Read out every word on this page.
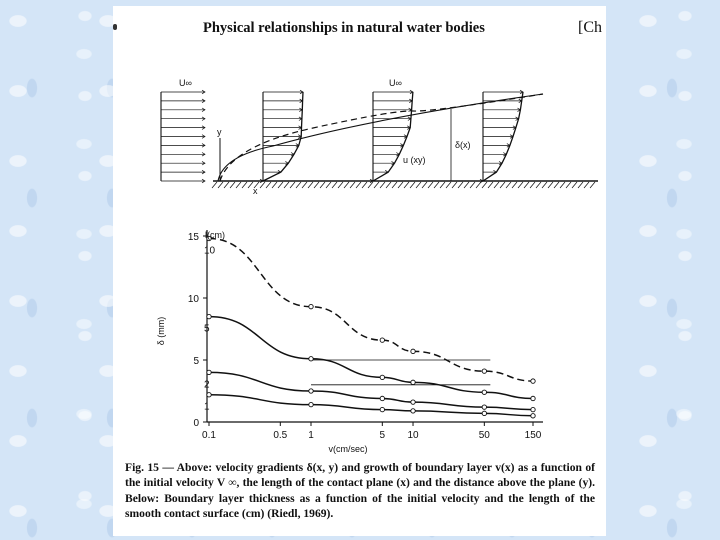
Physical relationships in natural water bodies	[Ch
U∞	U∞
y
x
δ(x)
u (xy)
0
5
10
15
0.1	0.5 1	5 10	50	150
10
5
2
1
l(cm)
δ (mm)
v(cm/sec)
Fig. 15 — Above: velocity gradients δ(x, y) and growth of boundary layer v(x) as a function of the initial velocity V ∞, the length of the contact plane (x) and the distance above the plane (y). Below: Boundary layer thickness as a function of the initial velocity and the length of the smooth contact surface (cm) (Riedl, 1969).
